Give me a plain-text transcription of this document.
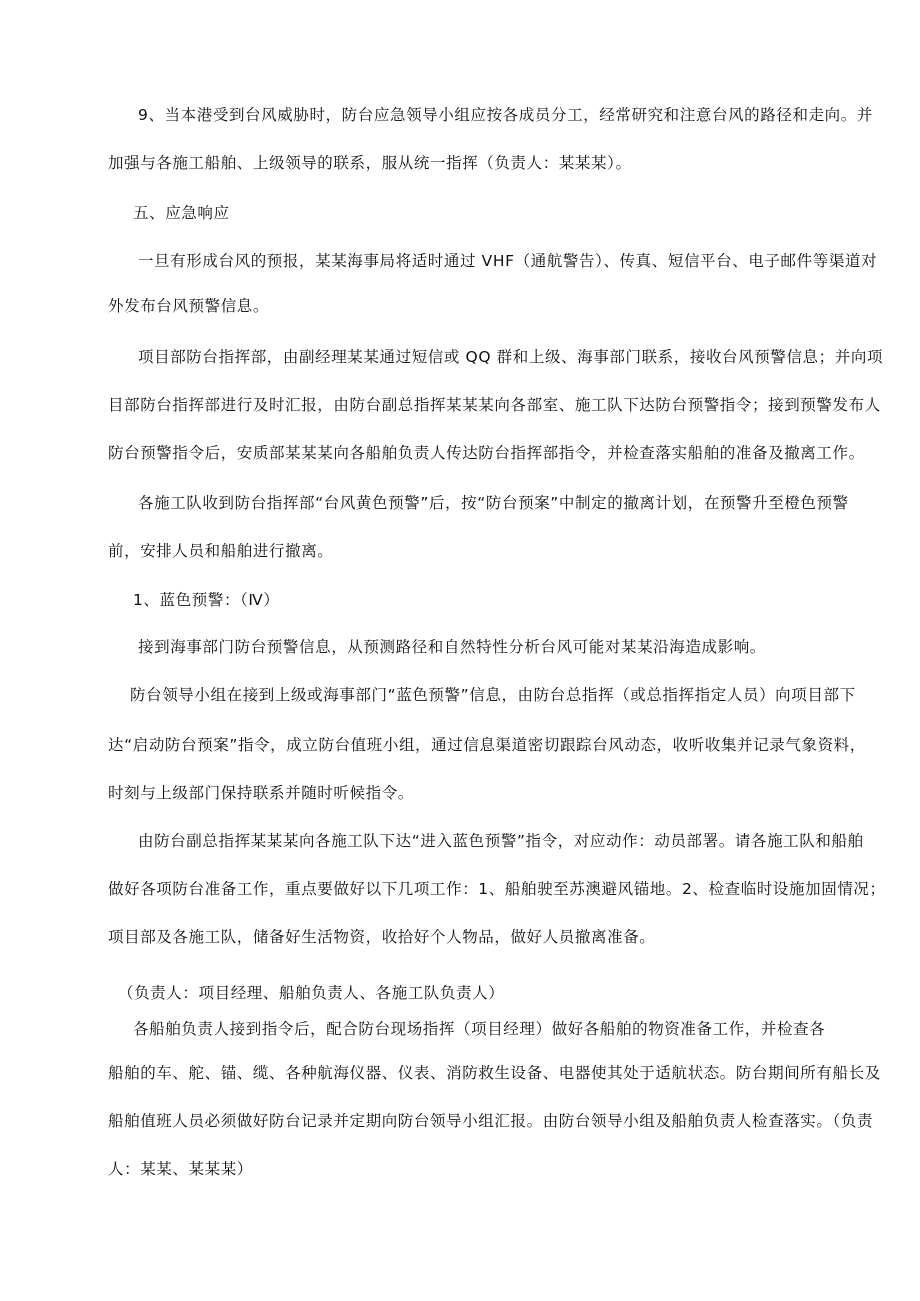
9、当本港受到台风威胁时，防台应急领导小组应按各成员分工，经常研究和注意台风的路径和走向。并

加强与各施工船舶、上级领导的联系，服从统一指挥（负责人：某某某）。

五、应急响应

一旦有形成台风的预报，某某海事局将适时通过 VHF（通航警告）、传真、短信平台、电子邮件等渠道对

外发布台风预警信息。

项目部防台指挥部，由副经理某某通过短信或 QQ 群和上级、海事部门联系，接收台风预警信息；并向项

目部防台指挥部进行及时汇报，由防台副总指挥某某某向各部室、施工队下达防台预警指令；接到预警发布人

防台预警指令后，安质部某某某向各船舶负责人传达防台指挥部指令，并检查落实船舶的准备及撤离工作。

各施工队收到防台指挥部“台风黄色预警”后，按“防台预案”中制定的撤离计划，在预警升至橙色预警

前，安排人员和船舶进行撤离。

1、蓝色预警：（Ⅳ）

接到海事部门防台预警信息，从预测路径和自然特性分析台风可能对某某沿海造成影响。

防台领导小组在接到上级或海事部门“蓝色预警”信息，由防台总指挥（或总指挥指定人员）向项目部下

达“启动防台预案”指令，成立防台值班小组，通过信息渠道密切跟踪台风动态，收听收集并记录气象资料，

时刻与上级部门保持联系并随时听候指令。

由防台副总指挥某某某向各施工队下达“进入蓝色预警”指令，对应动作：动员部署。请各施工队和船舶

做好各项防台准备工作，重点要做好以下几项工作：1、船舶驶至苏澳避风锚地。2、检查临时设施加固情况；

项目部及各施工队，储备好生活物资，收拾好个人物品，做好人员撤离准备。

（负责人：项目经理、船舶负责人、各施工队负责人）

各船舶负责人接到指令后，配合防台现场指挥（项目经理）做好各船舶的物资准备工作，并检查各

船舶的车、舵、锚、缆、各种航海仪器、仪表、消防救生设备、电器使其处于适航状态。防台期间所有船长及

船舶值班人员必须做好防台记录并定期向防台领导小组汇报。由防台领导小组及船舶负责人检查落实。（负责

人：某某、某某某）
